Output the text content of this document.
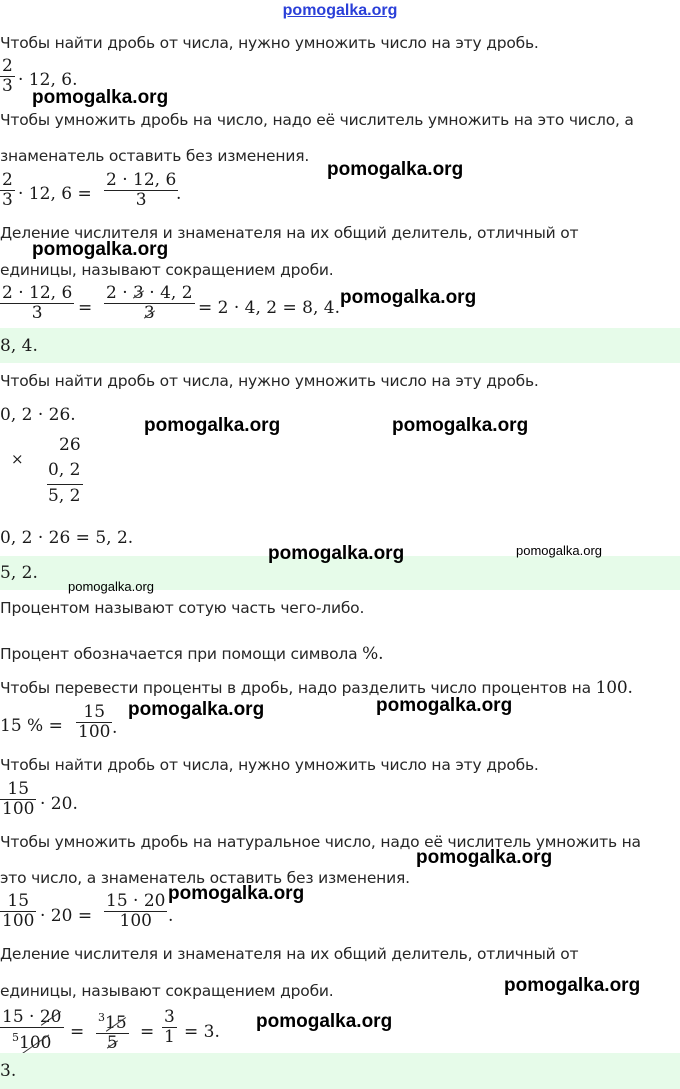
pomogalka.org
Чтобы найти дробь от числа, нужно умножить число на эту дробь.
$\frac{2}{3} \cdot 12$, 6.
Чтобы умножить дробь на число, надо её числитель умножить на это число, а
знаменатель оставить без изменения.
$\frac{2}{3} \cdot 12$, $6 = \frac{2 \cdot 12, 6}{3}$
.
Деление числителя и знаменателя на их общий делитель, отличный от
единицы, называют сокращением дроби.
$\frac{2 \cdot 12, 6}{3} = \frac{2 \cdot 3 \cdot 4, 2}{3} = 2 \cdot 4$, 2 = 8, 4.
8, 4.
Чтобы найти дробь от числа, нужно умножить число на эту дробь.
0, 2 · 26.
×
26
0, 2
5, 2
0, 2 · 26 = 5, 2.
5, 2.
Процентом называют сотую часть чего-либо.
Процент обозначается при помощи символа %.
Чтобы перевести проценты в дробь, надо разделить число процентов на 100.
15 % = $\frac{15}{100}$ .
Чтобы найти дробь от числа, нужно умножить число на эту дробь.
$\frac{15}{100} \cdot 20$.
Чтобы умножить дробь на натуральное число, надо её числитель умножить на
это число, а знаменатель оставить без изменения.
$\frac{15}{100} \cdot 20 = \frac{15 \cdot 20}{100}$ .
Деление числителя и знаменателя на их общий делитель, отличный от
единицы, называют сокращением дроби.
$\frac{15 \cdot 20}{^5100} = \frac{^315}{5} = \frac{3}{1} = 3$.
3.
pomogalka.org
pomogalka.org
pomogalka.org
pomogalka.org
pomogalka.org	pomogalka.org
pomogalka.org	pomogalka.org
pomogalka.org
pomogalka.org	pomogalka.org
pomogalka.org
pomogalka.org
pomogalka.org
pomogalka.org
